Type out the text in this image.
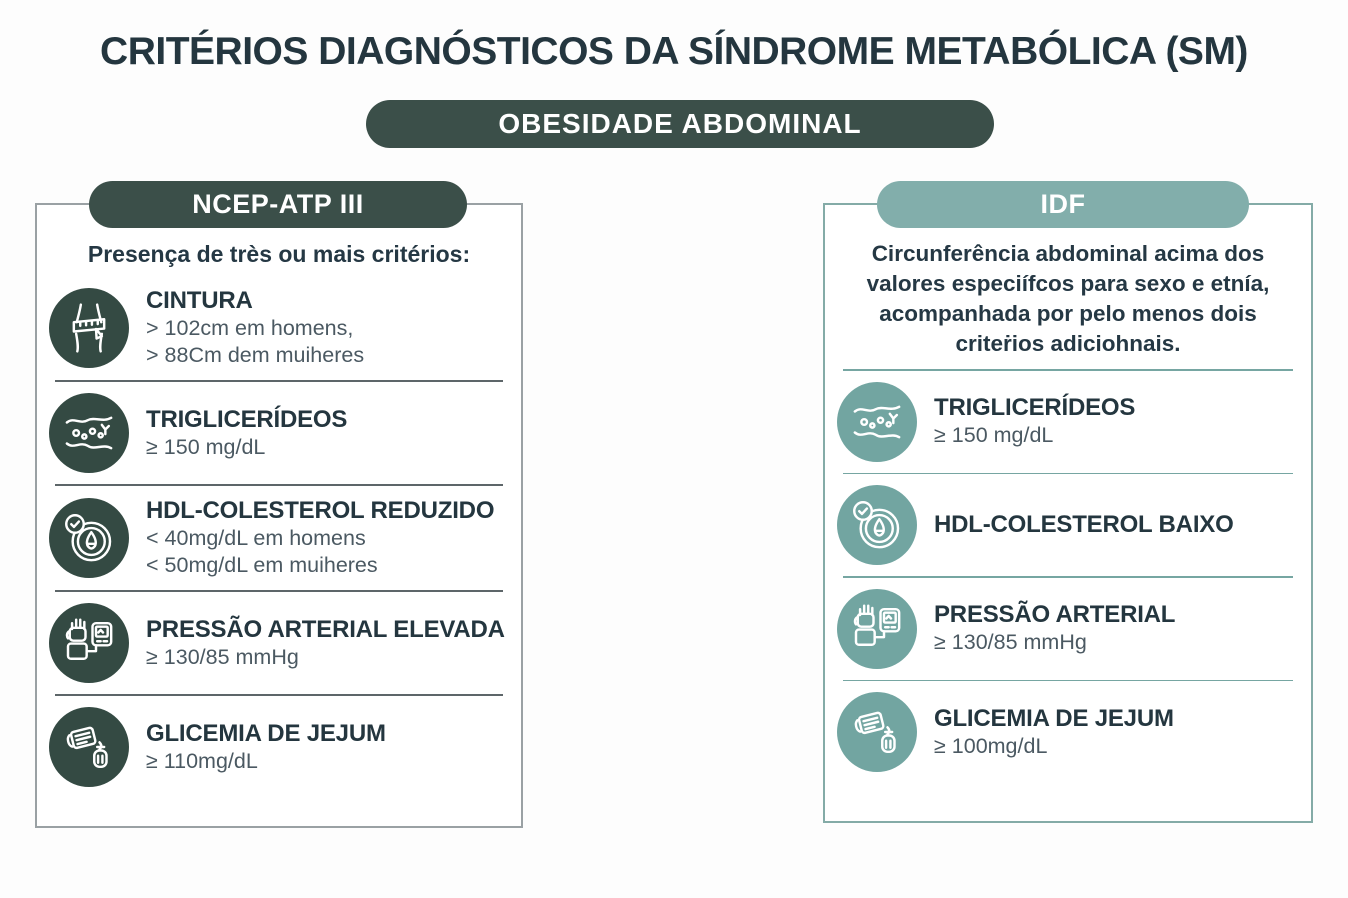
CRITÉRIOS DIAGNÓSTICOS DA SÍNDROME METABÓLICA (SM)
OBESIDADE ABDOMINAL
NCEP-ATP III
Presença de très ou mais critérios:
CINTURA
> 102cm em homens,
> 88Cm dem muiheres
TRIGLICERÍDEOS
≥ 150 mg/dL
HDL-COLESTEROL REDUZIDO
< 40mg/dL em homens
< 50mg/dL em muiheres
PRESSÃO ARTERIAL ELEVADA
≥ 130/85 mmHg
GLICEMIA DE JEJUM
≥ 110mg/dL
IDF
Circunferência abdominal acima dos
valores especiífcos para sexo e etnía,
acompanhada por pelo menos dois
criteṙios adiciohnais.
TRIGLICERÍDEOS
≥ 150 mg/dL
HDL-COLESTEROL BAIXO
PRESSÃO ARTERIAL
≥ 130/85 mmHg
GLICEMIA DE JEJUM
≥ 100mg/dL
